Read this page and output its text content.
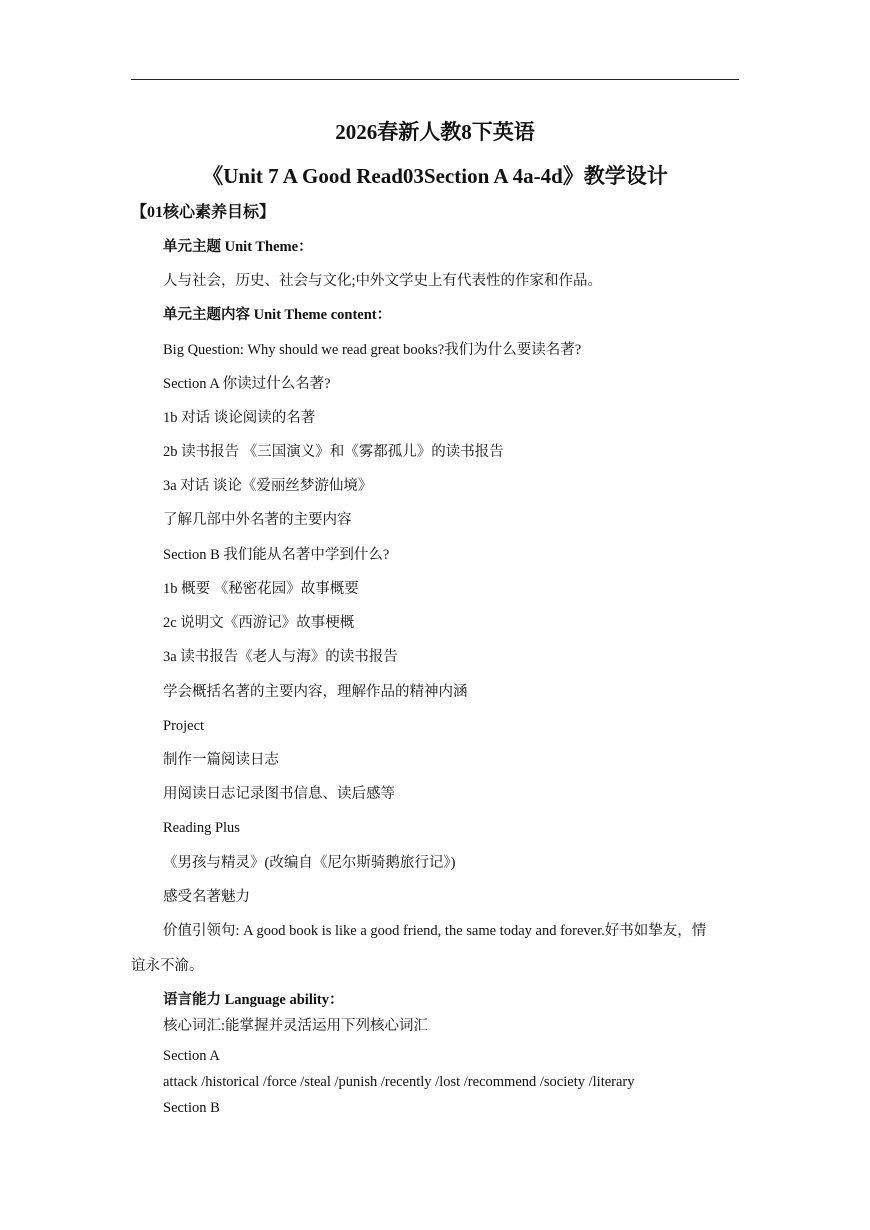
2026春新人教8下英语
《Unit 7 A Good Read03Section A 4a-4d》教学设计
【01核心素养目标】
单元主题 Unit Theme：
人与社会，历史、社会与文化;中外文学史上有代表性的作家和作品。
单元主题内容 Unit Theme content：
Big Question: Why should we read great books?我们为什么要读名著?
Section A 你读过什么名著?
1b 对话 谈论阅读的名著
2b 读书报告 《三国演义》和《雾都孤儿》的读书报告
3a 对话 谈论《爱丽丝梦游仙境》
了解几部中外名著的主要内容
Section B 我们能从名著中学到什么?
1b 概要 《秘密花园》故事概要
2c 说明文《西游记》故事梗概
3a 读书报告《老人与海》的读书报告
学会概括名著的主要内容，理解作品的精神内涵
Project
制作一篇阅读日志
用阅读日志记录图书信息、读后感等
Reading Plus
《男孩与精灵》(改编自《尼尔斯骑鹅旅行记》)
感受名著魅力
价值引领句: A good book is like a good friend, the same today and forever.好书如挚友，情
谊永不渝。
语言能力 Language ability：
核心词汇:能掌握并灵活运用下列核心词汇
Section A
attack /historical /force /steal /punish /recently /lost /recommend /society /literary
Section B
